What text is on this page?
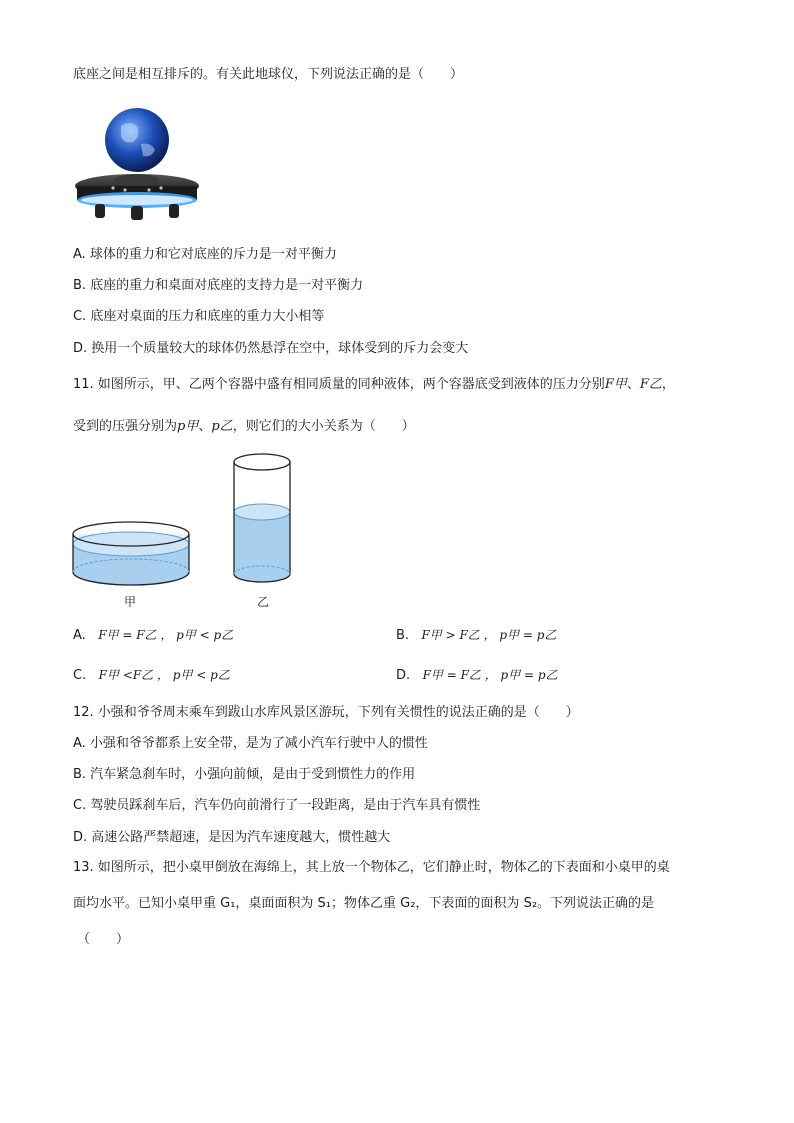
底座之间是相互排斥的。有关此地球仪，下列说法正确的是（　　）
A. 球体的重力和它对底座的斥力是一对平衡力
B. 底座的重力和桌面对底座的支持力是一对平衡力
C. 底座对桌面的压力和底座的重力大小相等
D. 换用一个质量较大的球体仍然悬浮在空中，球体受到的斥力会变大
11. 如图所示，甲、乙两个容器中盛有相同质量的同种液体，两个容器底受到液体的压力分别F甲、F乙，
受到的压强分别为p甲、p乙，则它们的大小关系为（　　）
甲	乙
A. F甲 = F乙 ， p甲 < p乙	B. F甲 > F乙 ， p甲 = p乙
C. F甲 <F乙 ， p甲 < p乙	D. F甲 = F乙 ， p甲 = p乙
12. 小强和爷爷周末乘车到跋山水库风景区游玩，下列有关惯性的说法正确的是（　　）
A. 小强和爷爷都系上安全带，是为了减小汽车行驶中人的惯性
B. 汽车紧急刹车时，小强向前倾，是由于受到惯性力的作用
C. 驾驶员踩刹车后，汽车仍向前滑行了一段距离，是由于汽车具有惯性
D. 高速公路严禁超速，是因为汽车速度越大，惯性越大
13. 如图所示，把小桌甲倒放在海绵上，其上放一个物体乙，它们静止时，物体乙的下表面和小桌甲的桌
面均水平。已知小桌甲重 G₁，桌面面积为 S₁；物体乙重 G₂，下表面的面积为 S₂。下列说法正确的是
（　　）
